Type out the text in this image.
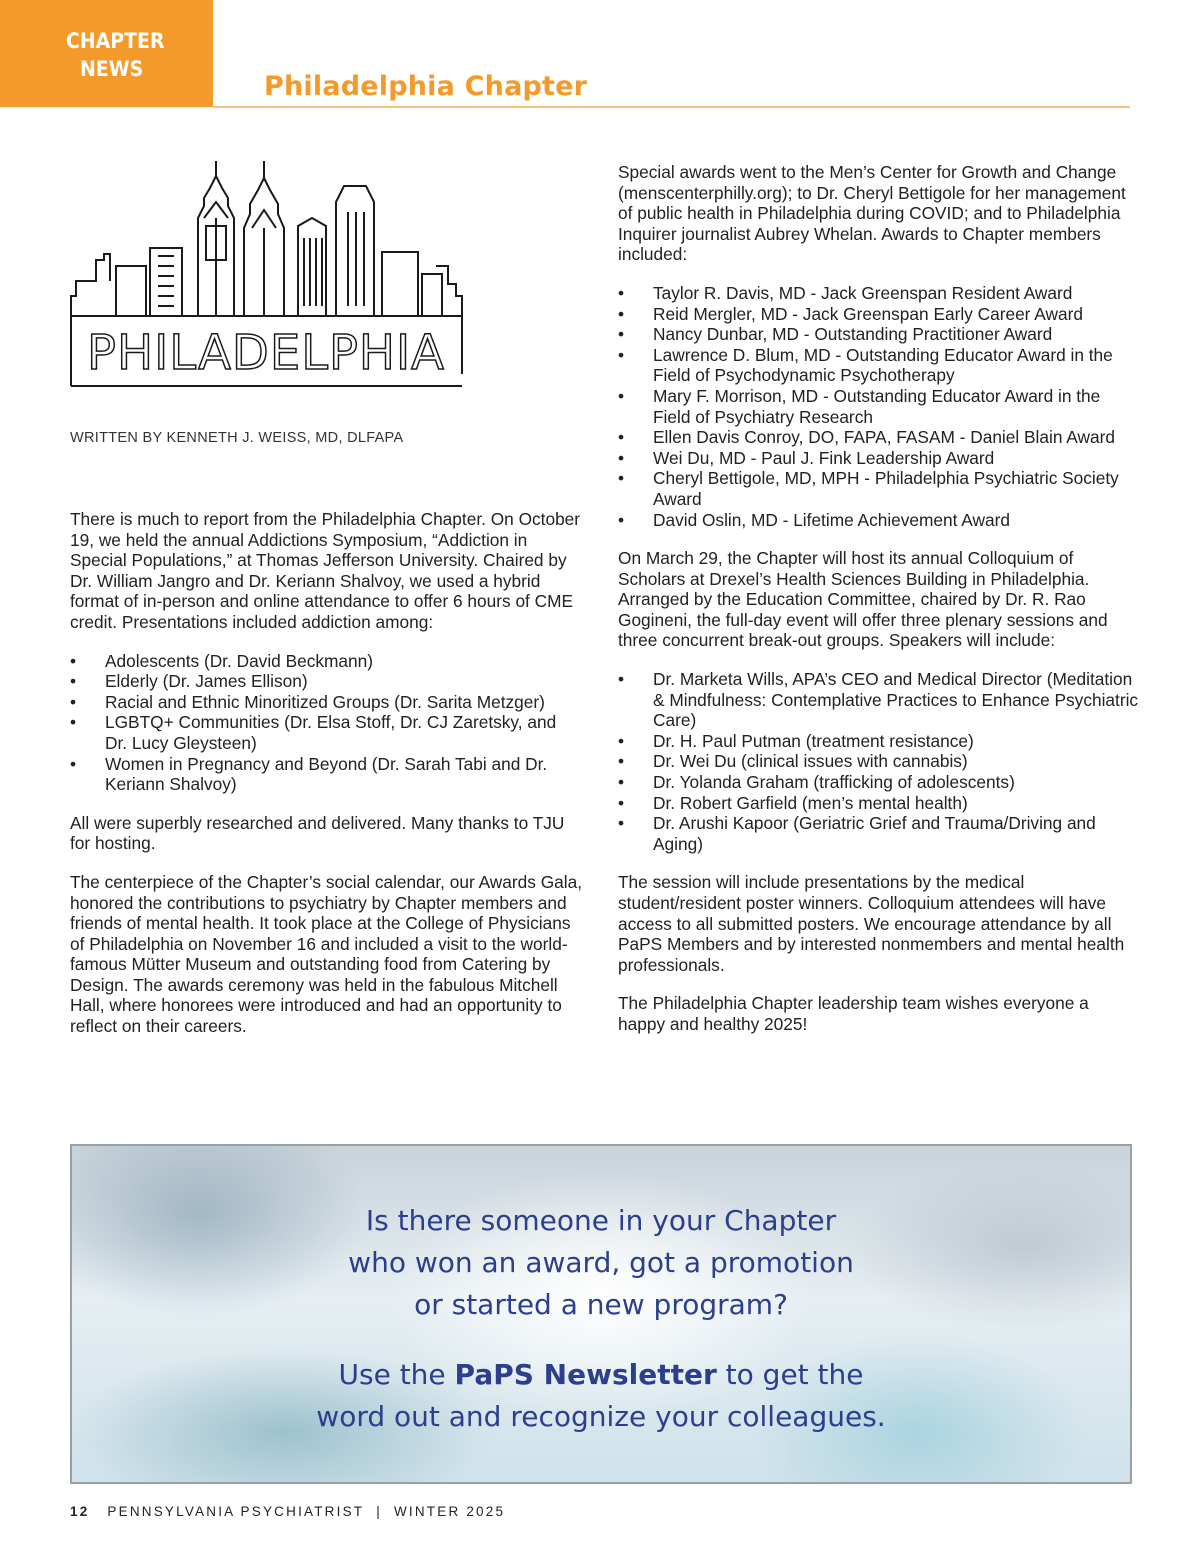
CHAPTER
NEWS
Philadelphia Chapter
PHILADELPHIA
WRITTEN BY KENNETH J. WEISS, MD, DLFAPA

There is much to report from the Philadelphia Chapter. On October 19, we held the annual Addictions Symposium, “Addiction in Special Populations,” at Thomas Jefferson University. Chaired by Dr. William Jangro and Dr. Keriann Shalvoy, we used a hybrid format of in-person and online attendance to offer 6 hours of CME credit. Presentations included addiction among:

• Adolescents (Dr. David Beckmann)
• Elderly (Dr. James Ellison)
• Racial and Ethnic Minoritized Groups (Dr. Sarita Metzger)
• LGBTQ+ Communities (Dr. Elsa Stoff, Dr. CJ Zaretsky, and Dr. Lucy Gleysteen)
• Women in Pregnancy and Beyond (Dr. Sarah Tabi and Dr. Keriann Shalvoy)

All were superbly researched and delivered. Many thanks to TJU for hosting.

The centerpiece of the Chapter’s social calendar, our Awards Gala, honored the contributions to psychiatry by Chapter members and friends of mental health. It took place at the College of Physicians of Philadelphia on November 16 and included a visit to the world-famous Mütter Museum and outstanding food from Catering by Design. The awards ceremony was held in the fabulous Mitchell Hall, where honorees were introduced and had an opportunity to reflect on their careers.

Special awards went to the Men’s Center for Growth and Change (menscenterphilly.org); to Dr. Cheryl Bettigole for her management of public health in Philadelphia during COVID; and to Philadelphia Inquirer journalist Aubrey Whelan. Awards to Chapter members included:

• Taylor R. Davis, MD - Jack Greenspan Resident Award
• Reid Mergler, MD - Jack Greenspan Early Career Award
• Nancy Dunbar, MD - Outstanding Practitioner Award
• Lawrence D. Blum, MD - Outstanding Educator Award in the Field of Psychodynamic Psychotherapy
• Mary F. Morrison, MD - Outstanding Educator Award in the Field of Psychiatry Research
• Ellen Davis Conroy, DO, FAPA, FASAM - Daniel Blain Award
• Wei Du, MD - Paul J. Fink Leadership Award
• Cheryl Bettigole, MD, MPH - Philadelphia Psychiatric Society Award
• David Oslin, MD - Lifetime Achievement Award

On March 29, the Chapter will host its annual Colloquium of Scholars at Drexel’s Health Sciences Building in Philadelphia. Arranged by the Education Committee, chaired by Dr. R. Rao Gogineni, the full-day event will offer three plenary sessions and three concurrent break-out groups. Speakers will include:

• Dr. Marketa Wills, APA’s CEO and Medical Director (Meditation & Mindfulness: Contemplative Practices to Enhance Psychiatric Care)
• Dr. H. Paul Putman (treatment resistance)
• Dr. Wei Du (clinical issues with cannabis)
• Dr. Yolanda Graham (trafficking of adolescents)
• Dr. Robert Garfield (men’s mental health)
• Dr. Arushi Kapoor (Geriatric Grief and Trauma/Driving and Aging)

The session will include presentations by the medical student/resident poster winners. Colloquium attendees will have access to all submitted posters. We encourage attendance by all PaPS Members and by interested nonmembers and mental health professionals.

The Philadelphia Chapter leadership team wishes everyone a happy and healthy 2025!

Is there someone in your Chapter
who won an award, got a promotion
or started a new program?
Use the PaPS Newsletter to get the
word out and recognize your colleagues.
12 PENNSYLVANIA PSYCHIATRIST | WINTER 2025
